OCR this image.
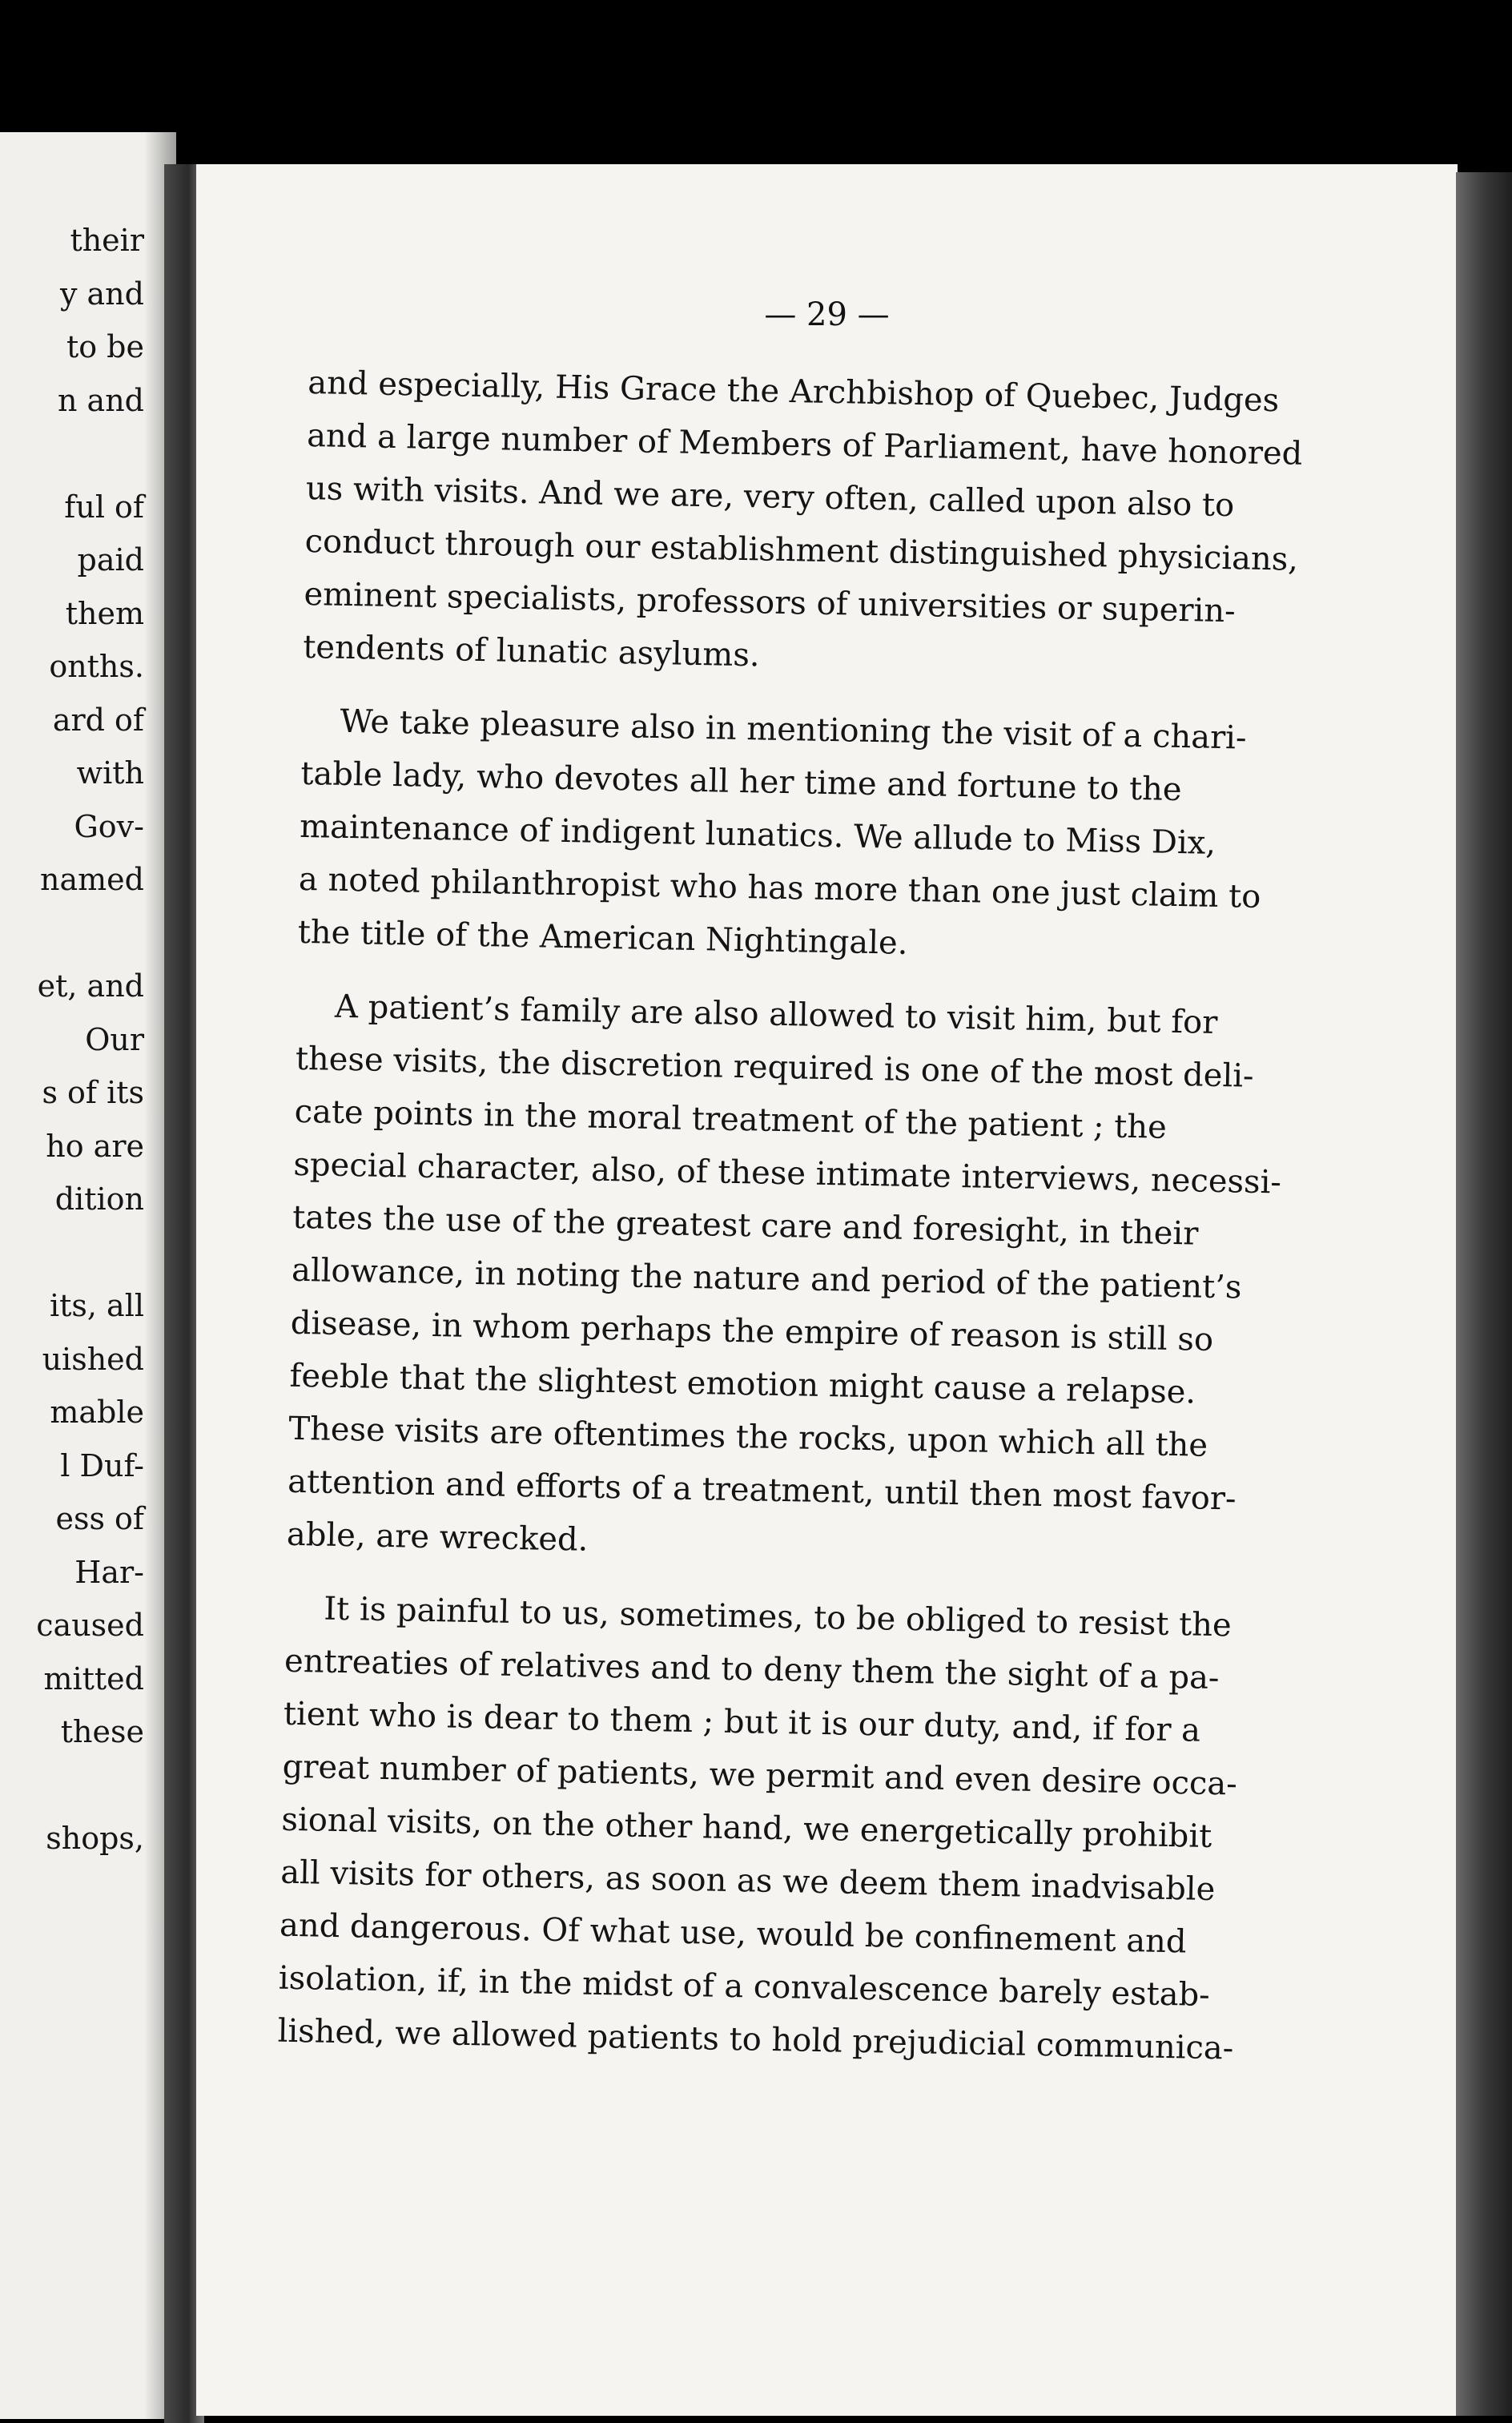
their
y and
to be
n and
ful of
paid
them
onths.
ard of
with
Gov-
named
et, and
Our
s of its
ho are
dition
its, all
uished
mable
l Duf-
ess of
Har-
caused
mitted
these
shops,
— 29 —
and especially, His Grace the Archbishop of Quebec, Judges
and a large number of Members of Parliament, have honored
us with visits. And we are, very often, called upon also to
conduct through our establishment distinguished physicians,
eminent specialists, professors of universities or superin-
tendents of lunatic asylums.
We take pleasure also in mentioning the visit of a chari-
table lady, who devotes all her time and fortune to the
maintenance of indigent lunatics. We allude to Miss Dix,
a noted philanthropist who has more than one just claim to
the title of the American Nightingale.
A patient’s family are also allowed to visit him, but for
these visits, the discretion required is one of the most deli-
cate points in the moral treatment of the patient ; the
special character, also, of these intimate interviews, necessi-
tates the use of the greatest care and foresight, in their
allowance, in noting the nature and period of the patient’s
disease, in whom perhaps the empire of reason is still so
feeble that the slightest emotion might cause a relapse.
These visits are oftentimes the rocks, upon which all the
attention and efforts of a treatment, until then most favor-
able, are wrecked.
It is painful to us, sometimes, to be obliged to resist the
entreaties of relatives and to deny them the sight of a pa-
tient who is dear to them ; but it is our duty, and, if for a
great number of patients, we permit and even desire occa-
sional visits, on the other hand, we energetically prohibit
all visits for others, as soon as we deem them inadvisable
and dangerous. Of what use, would be confinement and
isolation, if, in the midst of a convalescence barely estab-
lished, we allowed patients to hold prejudicial communica-
